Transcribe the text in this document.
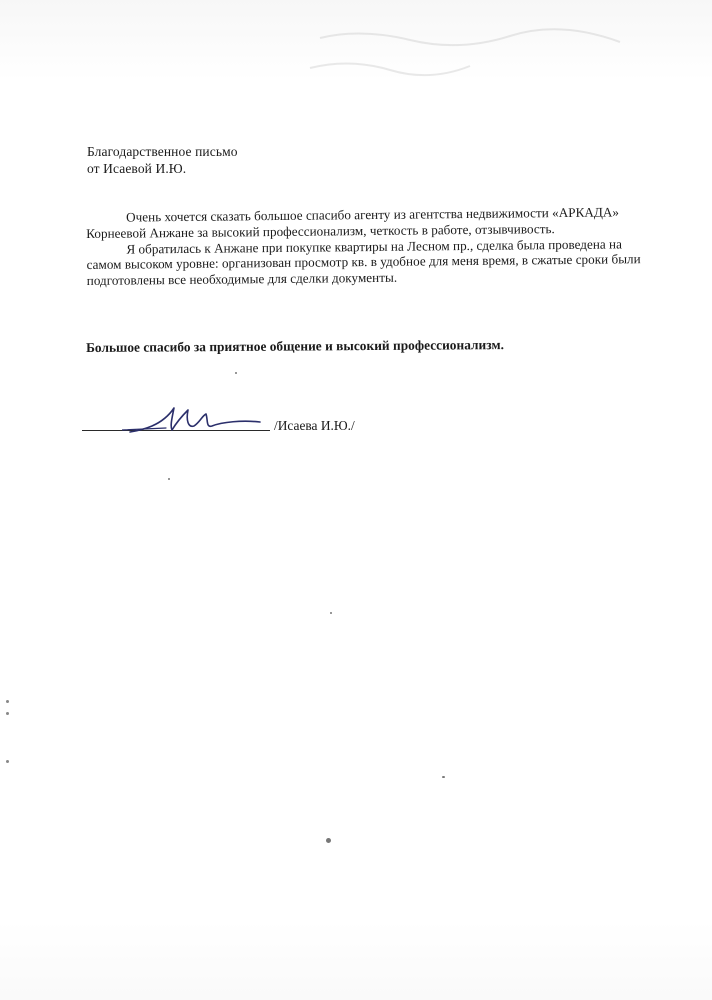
Благодарственное письмо
от Исаевой И.Ю.

Очень хочется сказать большое спасибо агенту из агентства недвижимости «АРКАДА» Корнеевой Анжане за высокий профессионализм, четкость в работе, отзывчивость.

Я обратилась к Анжане при покупке квартиры на Лесном пр., сделка была проведена на самом высоком уровне: организован просмотр кв. в удобное для меня время, в сжатые сроки были подготовлены все необходимые для сделки документы.

Большое спасибо за приятное общение и высокий профессионализм.
/Исаева И.Ю./
